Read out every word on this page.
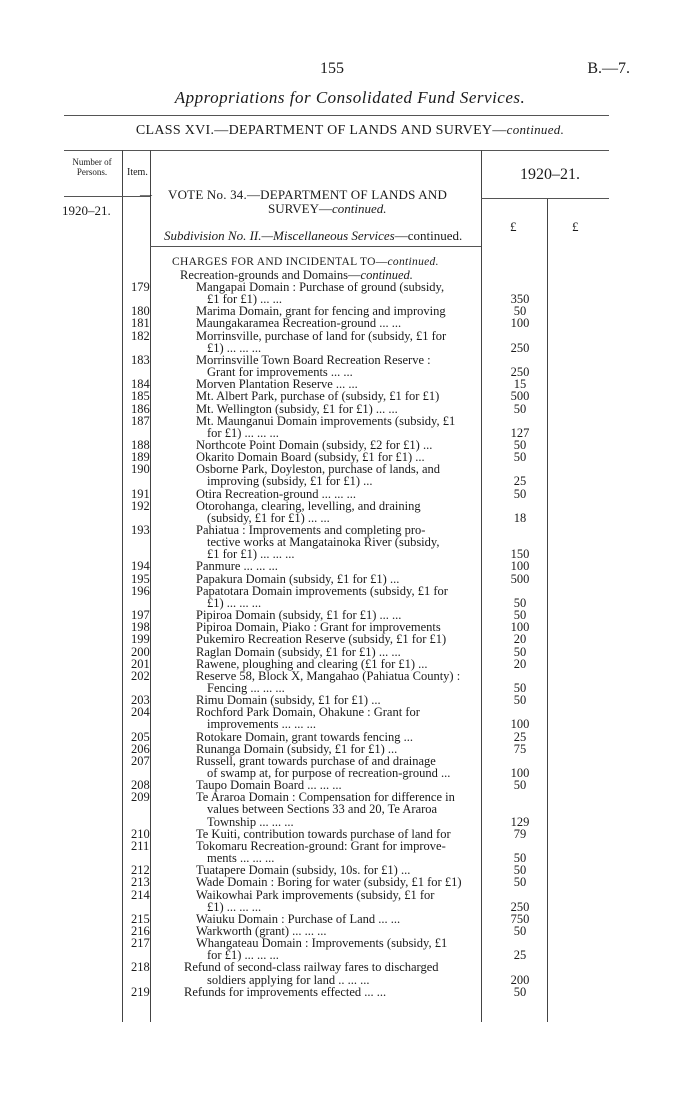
155	B.—7.
Appropriations for Consolidated Fund Services.
CLASS XVI.—DEPARTMENT OF LANDS AND SURVEY—continued.
Number of Persons.	Item.	1920–21.
— VOTE No. 34.—DEPARTMENT OF LANDS AND
SURVEY—continued.
1920–21.
£	£
Subdivision No. II.—Miscellaneous Services—continued.
CHARGES FOR AND INCIDENTAL TO—continued.
Recreation-grounds and Domains—continued.
179	Mangapai Domain : Purchase of ground (subsidy,
£1 for £1) ... ...	350
180	Marima Domain, grant for fencing and improving	50
181	Maungakaramea Recreation-ground ... ...	100
182	Morrinsville, purchase of land for (subsidy, £1 for
£1) ... ... ...	250
183	Morrinsville Town Board Recreation Reserve :
Grant for improvements ... ...	250
184	Morven Plantation Reserve ... ...	15
185	Mt. Albert Park, purchase of (subsidy, £1 for £1)	500
186	Mt. Wellington (subsidy, £1 for £1) ... ...	50
187	Mt. Maunganui Domain improvements (subsidy, £1
for £1) ... ... ...	127
188	Northcote Point Domain (subsidy, £2 for £1) ...	50
189	Okarito Domain Board (subsidy, £1 for £1) ...	50
190	Osborne Park, Doyleston, purchase of lands, and
improving (subsidy, £1 for £1) ...	25
191	Otira Recreation-ground ... ... ...	50
192	Otorohanga, clearing, levelling, and draining
(subsidy, £1 for £1) ... ...	18
193	Pahiatua : Improvements and completing pro-
tective works at Mangatainoka River (subsidy,
£1 for £1) ... ... ...	150
194	Panmure ... ... ...	100
195	Papakura Domain (subsidy, £1 for £1) ...	500
196	Papatotara Domain improvements (subsidy, £1 for
£1) ... ... ...	50
197	Pipiroa Domain (subsidy, £1 for £1) ... ...	50
198	Pipiroa Domain, Piako : Grant for improvements	100
199	Pukemiro Recreation Reserve (subsidy, £1 for £1)	20
200	Raglan Domain (subsidy, £1 for £1) ... ...	50
201	Rawene, ploughing and clearing (£1 for £1) ...	20
202	Reserve 58, Block X, Mangahao (Pahiatua County) :
Fencing ... ... ...	50
203	Rimu Domain (subsidy, £1 for £1) ...	50
204	Rochford Park Domain, Ohakune : Grant for
improvements ... ... ...	100
205	Rotokare Domain, grant towards fencing ...	25
206	Runanga Domain (subsidy, £1 for £1) ...	75
207	Russell, grant towards purchase of and drainage
of swamp at, for purpose of recreation-ground ...	100
208	Taupo Domain Board ... ... ...	50
209	Te Araroa Domain : Compensation for difference in
values between Sections 33 and 20, Te Araroa
Township ... ... ...	129
210	Te Kuiti, contribution towards purchase of land for	79
211	Tokomaru Recreation-ground: Grant for improve-
ments ... ... ...	50
212	Tuatapere Domain (subsidy, 10s. for £1) ...	50
213	Wade Domain : Boring for water (subsidy, £1 for £1)	50
214	Waikowhai Park improvements (subsidy, £1 for
£1) ... ... ...	250
215	Waiuku Domain : Purchase of Land ... ...	750
216	Warkworth (grant) ... ... ...	50
217	Whangateau Domain : Improvements (subsidy, £1
for £1) ... ... ...	25
218	Refund of second-class railway fares to discharged
soldiers applying for land .. ... ...	200
219	Refunds for improvements effected ... ...	50
